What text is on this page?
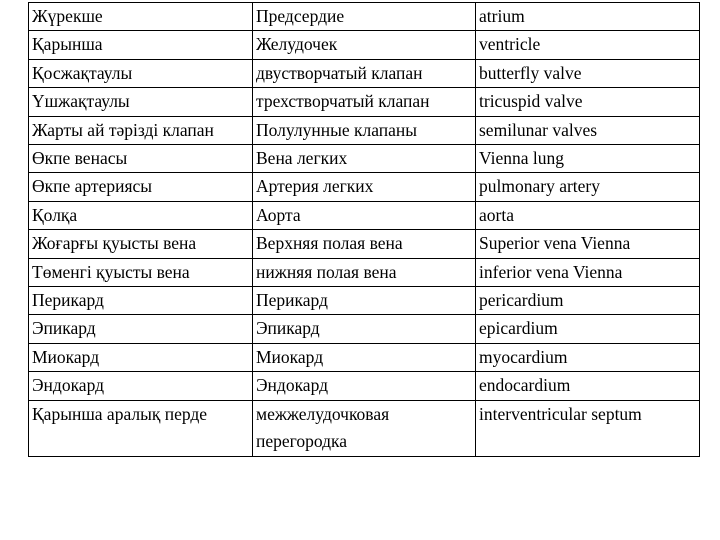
Жүрекше	Предсердие	atrium
Қарынша	Желудочек	ventricle
Қосжақтаулы	двустворчатый клапан	butterfly valve
Үшжақтаулы	трехстворчатый клапан	tricuspid valve
Жарты ай тәрізді клапан	Полулунные клапаны	semilunar valves
Өкпе венасы	Вена легких	Vienna lung
Өкпе артериясы	Артерия легких	pulmonary artery
Қолқа	Аорта	aorta
Жоғарғы қуысты вена	Верхняя полая вена	Superior vena Vienna
Төменгі қуысты вена	нижняя полая вена	inferior vena Vienna
Перикард	Перикард	pericardium
Эпикард	Эпикард	epicardium
Миокард	Миокард	myocardium
Эндокард	Эндокард	endocardium
Қарынша аралық перде	межжелудочковая перегородка	interventricular septum
